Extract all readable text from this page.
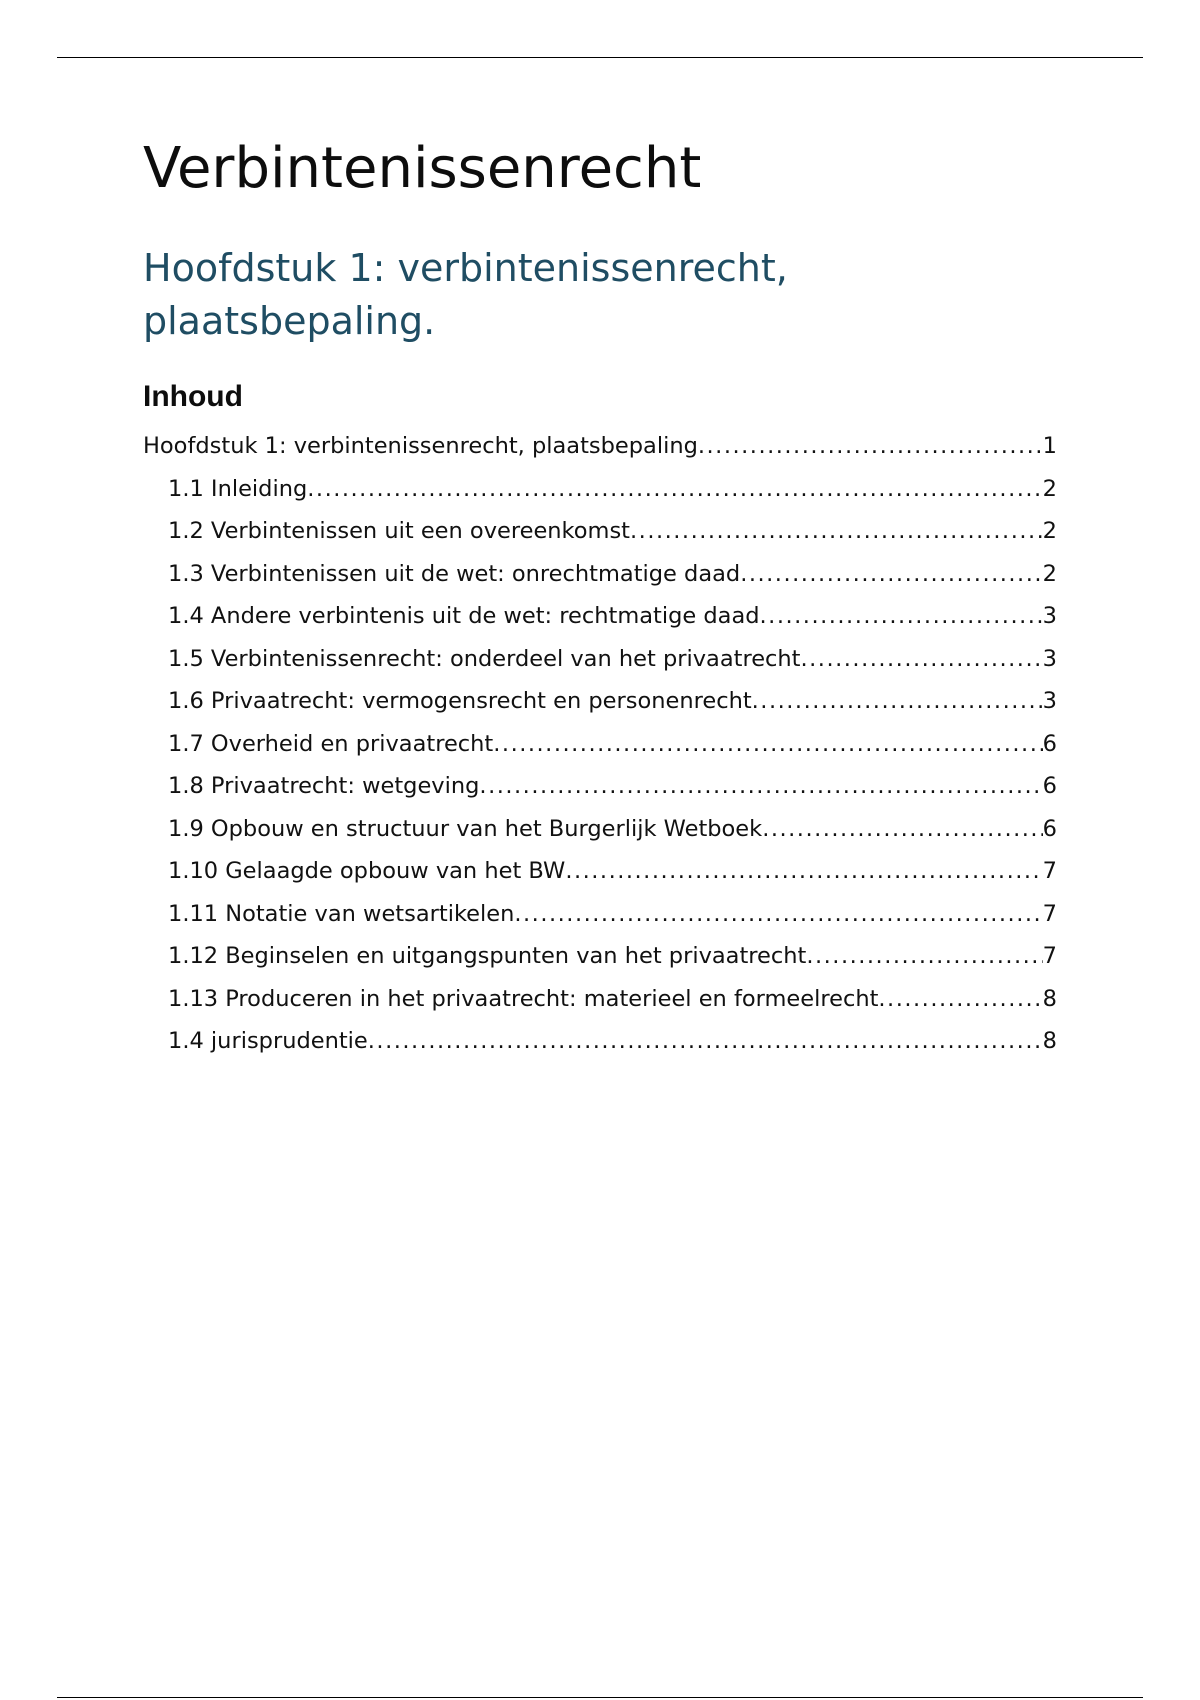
Verbintenissenrecht
Hoofdstuk 1: verbintenissenrecht, plaatsbepaling.
Inhoud
Hoofdstuk 1: verbintenissenrecht, plaatsbepaling .....	1
1.1 Inleiding .....	2
1.2 Verbintenissen uit een overeenkomst .....	2
1.3 Verbintenissen uit de wet: onrechtmatige daad .....	2
1.4 Andere verbintenis uit de wet: rechtmatige daad .....	3
1.5 Verbintenissenrecht: onderdeel van het privaatrecht .....	3
1.6 Privaatrecht: vermogensrecht en personenrecht .....	3
1.7 Overheid en privaatrecht .....	6
1.8 Privaatrecht: wetgeving .....	6
1.9 Opbouw en structuur van het Burgerlijk Wetboek .....	6
1.10 Gelaagde opbouw van het BW .....	7
1.11 Notatie van wetsartikelen .....	7
1.12 Beginselen en uitgangspunten van het privaatrecht .....	7
1.13 Produceren in het privaatrecht: materieel en formeelrecht .....	8
1.4 jurisprudentie .....	8
